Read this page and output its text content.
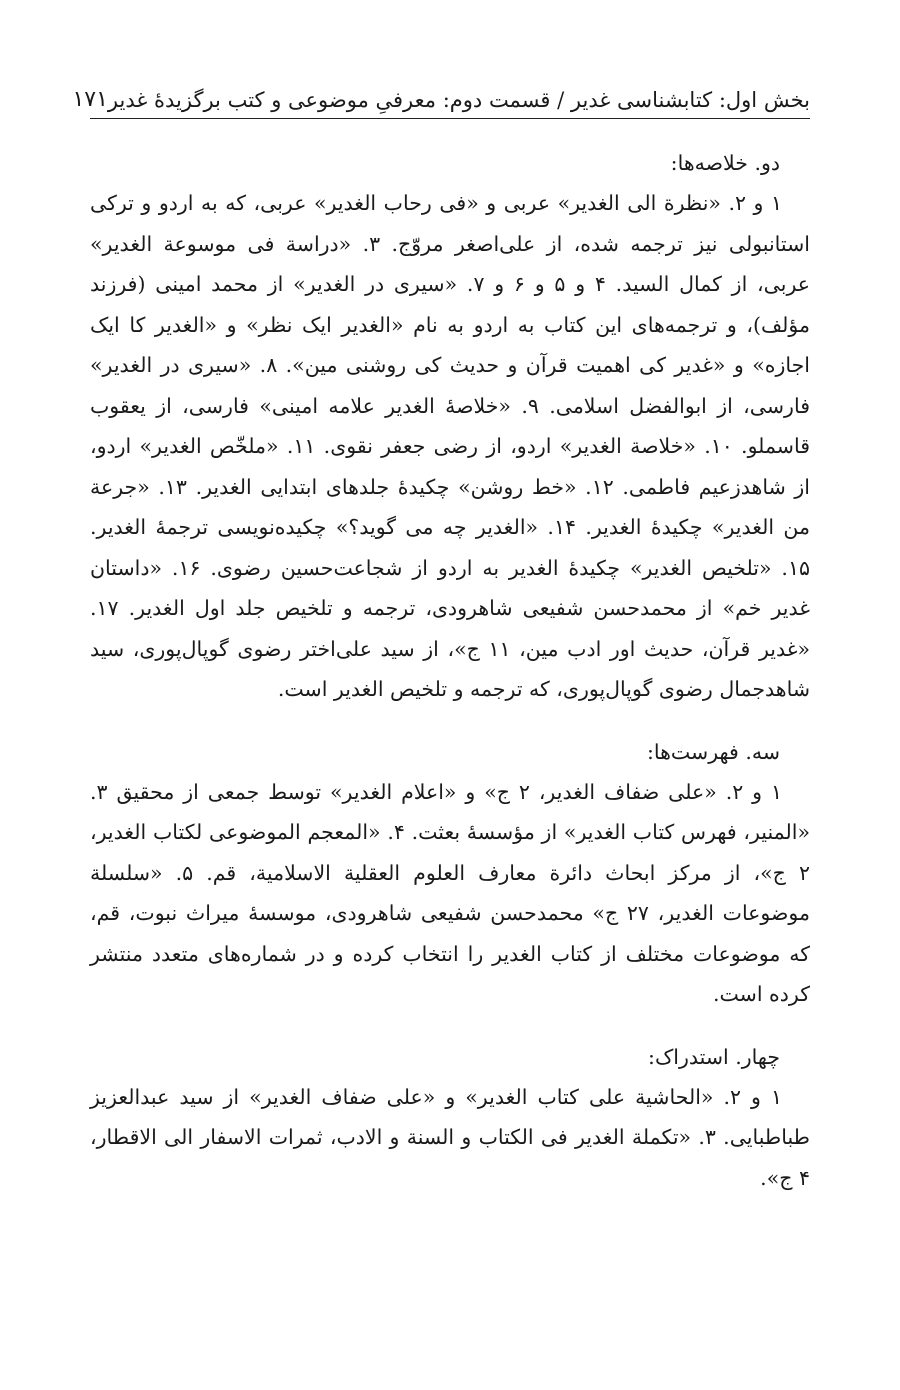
بخش اول: کتابشناسی غدیر / قسمت دوم: معرفیِ موضوعی و کتب برگزیدهٔ غدیر
۱۷۱
دو. خلاصه‌ها:

۱ و ۲. «نظرة الی الغدیر» عربی و «فی رحاب الغدیر» عربی، که به اردو و ترکی استانبولی نیز ترجمه شده، از علی‌اصغر مروّج. ۳. «دراسة فی موسوعة الغدیر» عربی، از کمال السید. ۴ و ۵ و ۶ و ۷. «سیری در الغدیر» از محمد امینی (فرزند مؤلف)، و ترجمه‌های این کتاب به اردو به نام «الغدیر ایک نظر» و «الغدیر کا ایک اجازه» و «غدیر کی اهمیت قرآن و حدیث کی روشنی مین». ۸. «سیری در الغدیر» فارسی، از ابوالفضل اسلامی. ۹. «خلاصهٔ الغدیر علامه امینی» فارسی، از یعقوب قاسملو. ۱۰. «خلاصة الغدیر» اردو، از رضی جعفر نقوی. ۱۱. «ملخّص الغدیر» اردو، از شاهدزعیم فاطمی. ۱۲. «خط روشن» چکیدهٔ جلدهای ابتدایی الغدیر. ۱۳. «جرعة من الغدیر» چکیدهٔ الغدیر. ۱۴. «الغدیر چه می گوید؟» چکیده‌نویسی ترجمهٔ الغدیر. ۱۵. «تلخیص الغدیر» چکیدهٔ الغدیر به اردو از شجاعت‌حسین رضوی. ۱۶. «داستان غدیر خم» از محمدحسن شفیعی شاهرودی، ترجمه و تلخیص جلد اول الغدیر. ۱۷. «غدیر قرآن، حدیث اور ادب مین، ۱۱ ج»، از سید علی‌اختر رضوی گوپال‌پوری، سید شاهدجمال رضوی گوپال‌پوری، که ترجمه و تلخیص الغدیر است.

سه. فهرست‌ها:

۱ و ۲. «علی ضفاف الغدیر، ۲ ج» و «اعلام الغدیر» توسط جمعی از محقیق ۳. «المنیر، فهرس کتاب الغدیر» از مؤسسهٔ بعثت. ۴. «المعجم الموضوعی لکتاب الغدیر، ۲ ج»، از مرکز ابحاث دائرة معارف العلوم العقلیة الاسلامیة، قم. ۵. «سلسلة موضوعات الغدیر، ۲۷ ج» محمدحسن شفیعی شاهرودی، موسسهٔ میراث نبوت، قم، که موضوعات مختلف از کتاب الغدیر را انتخاب کرده و در شماره‌های متعدد منتشر کرده است.

چهار. استدراک:

۱ و ۲. «الحاشیة علی کتاب الغدیر» و «علی ضفاف الغدیر» از سید عبدالعزیز طباطبایی. ۳. «تکملة الغدیر فی الکتاب و السنة و الادب، ثمرات الاسفار الی الاقطار، ۴ ج».
